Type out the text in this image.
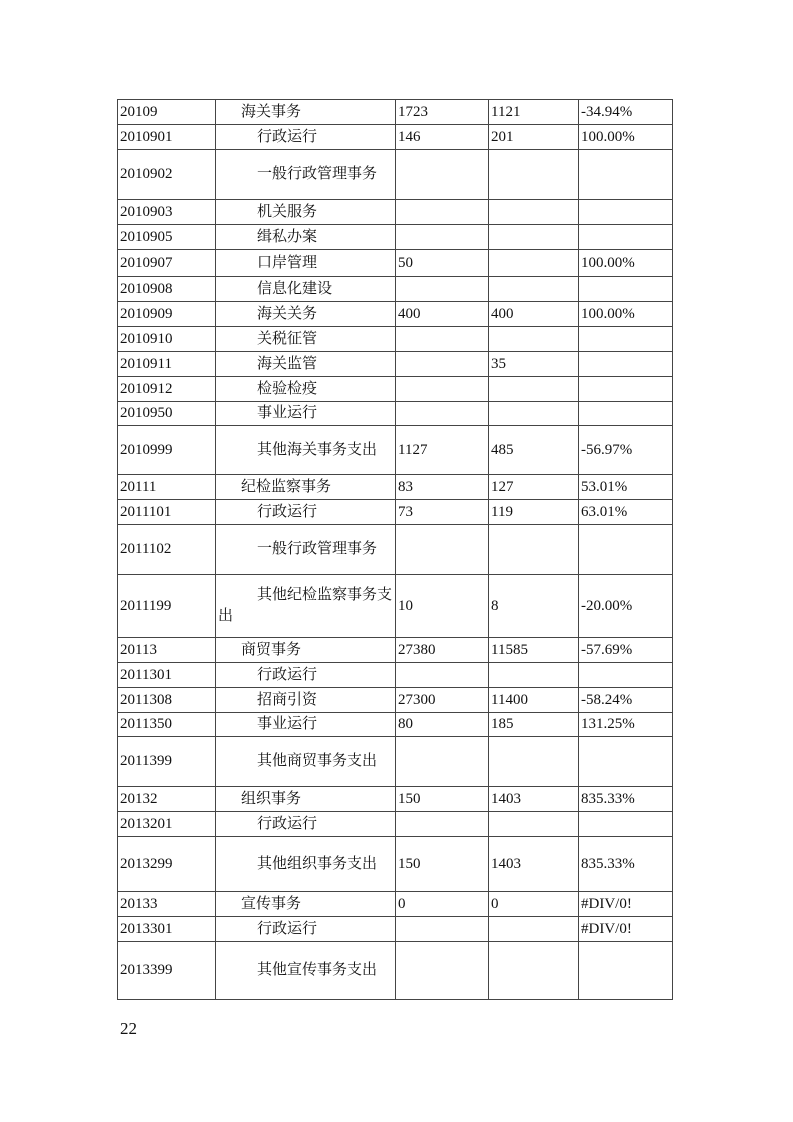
20109	海关事务	1723	1121	-34.94%
2010901	行政运行	146	201	100.00%
2010902	一般行政管理事务			
2010903	机关服务			
2010905	缉私办案			
2010907	口岸管理	50		100.00%
2010908	信息化建设			
2010909	海关关务	400	400	100.00%
2010910	关税征管			
2010911	海关监管		35	
2010912	检验检疫			
2010950	事业运行			
2010999	其他海关事务支出	1127	485	-56.97%
20111	纪检监察事务	83	127	53.01%
2011101	行政运行	73	119	63.01%
2011102	一般行政管理事务			
2011199	其他纪检监察事务支出	10	8	-20.00%
20113	商贸事务	27380	11585	-57.69%
2011301	行政运行			
2011308	招商引资	27300	11400	-58.24%
2011350	事业运行	80	185	131.25%
2011399	其他商贸事务支出			
20132	组织事务	150	1403	835.33%
2013201	行政运行			
2013299	其他组织事务支出	150	1403	835.33%
20133	宣传事务	0	0	#DIV/0!
2013301	行政运行			#DIV/0!
2013399	其他宣传事务支出			
22
